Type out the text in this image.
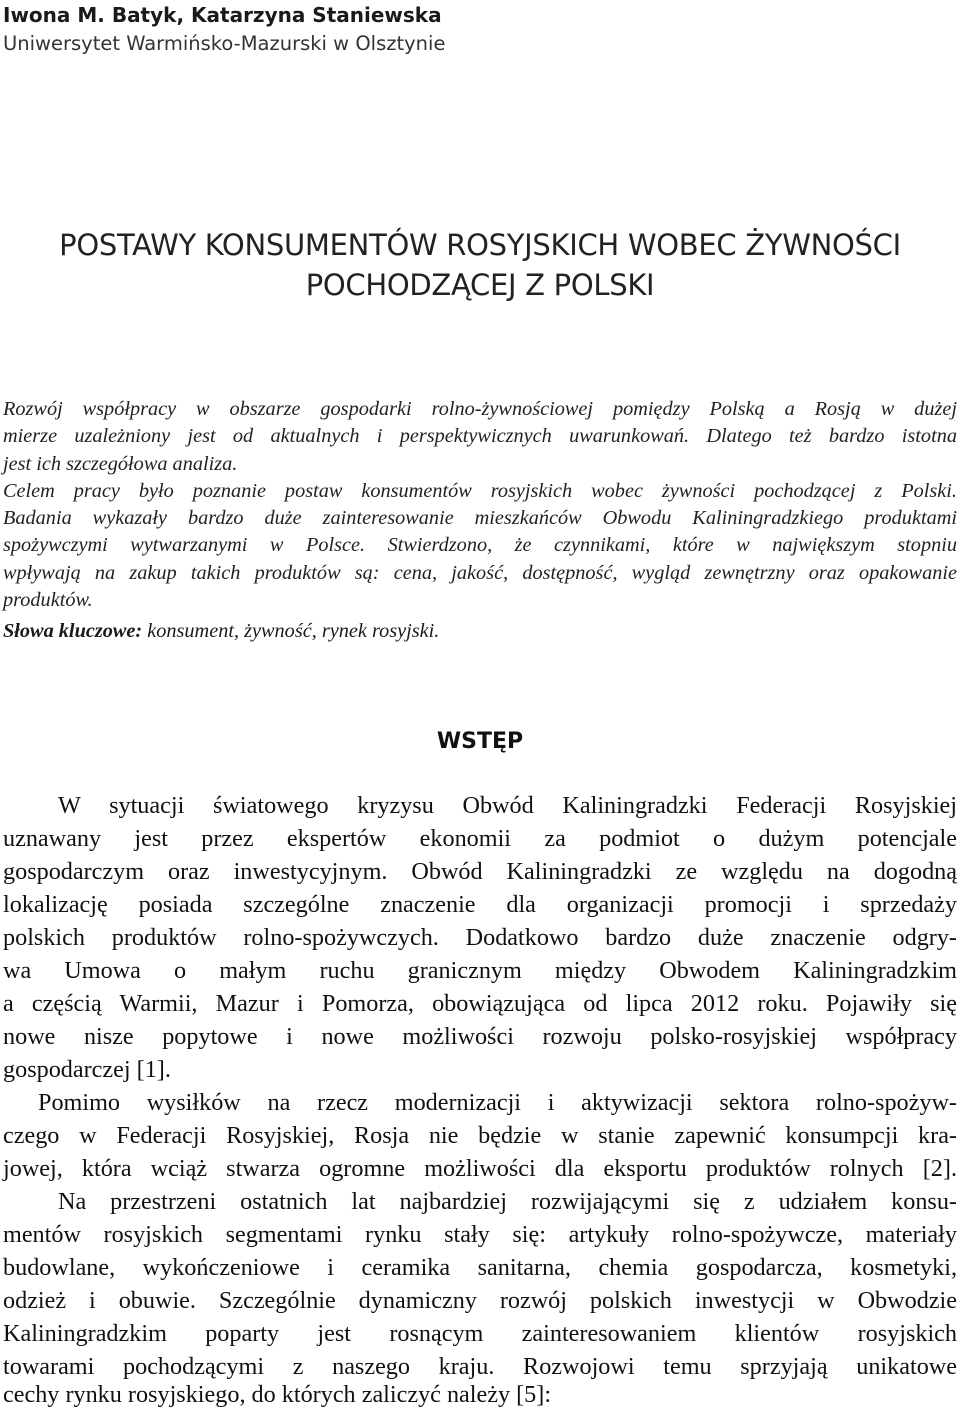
Iwona M. Batyk, Katarzyna Staniewska
Uniwersytet Warmińsko-Mazurski w Olsztynie
POSTAWY KONSUMENTÓW ROSYJSKICH WOBEC ŻYWNOŚCI
POCHODZĄCEJ Z POLSKI
Rozwój współpracy w obszarze gospodarki rolno-żywnościowej pomiędzy Polską a Rosją w dużej
mierze uzależniony jest od aktualnych i perspektywicznych uwarunkowań. Dlatego też bardzo istotna
jest ich szczegółowa analiza.
Celem pracy było poznanie postaw konsumentów rosyjskich wobec żywności pochodzącej z Polski.
Badania wykazały bardzo duże zainteresowanie mieszkańców Obwodu Kaliningradzkiego produktami
spożywczymi wytwarzanymi w Polsce. Stwierdzono, że czynnikami, które w największym stopniu
wpływają na zakup takich produktów są: cena, jakość, dostępność, wygląd zewnętrzny oraz opakowanie
produktów.
Słowa kluczowe: konsument, żywność, rynek rosyjski.
WSTĘP
W sytuacji światowego kryzysu Obwód Kaliningradzki Federacji Rosyjskiej
uznawany jest przez ekspertów ekonomii za podmiot o dużym potencjale
gospodarczym oraz inwestycyjnym. Obwód Kaliningradzki ze względu na dogodną
lokalizację posiada szczególne znaczenie dla organizacji promocji i sprzedaży
polskich produktów rolno-spożywczych. Dodatkowo bardzo duże znaczenie odgry-
wa Umowa o małym ruchu granicznym między Obwodem Kaliningradzkim
a częścią Warmii, Mazur i Pomorza, obowiązująca od lipca 2012 roku. Pojawiły się
nowe nisze popytowe i nowe możliwości rozwoju polsko-rosyjskiej współpracy
gospodarczej [1].
Pomimo wysiłków na rzecz modernizacji i aktywizacji sektora rolno-spożyw-
czego w Federacji Rosyjskiej, Rosja nie będzie w stanie zapewnić konsumpcji kra-
jowej, która wciąż stwarza ogromne możliwości dla eksportu produktów rolnych [2].
Na przestrzeni ostatnich lat najbardziej rozwijającymi się z udziałem konsu-
mentów rosyjskich segmentami rynku stały się: artykuły rolno-spożywcze, materiały
budowlane, wykończeniowe i ceramika sanitarna, chemia gospodarcza, kosmetyki,
odzież i obuwie. Szczególnie dynamiczny rozwój polskich inwestycji w Obwodzie
Kaliningradzkim poparty jest rosnącym zainteresowaniem klientów rosyjskich
towarami pochodzącymi z naszego kraju. Rozwojowi temu sprzyjają unikatowe
cechy rynku rosyjskiego, do których zaliczyć należy [5]:
